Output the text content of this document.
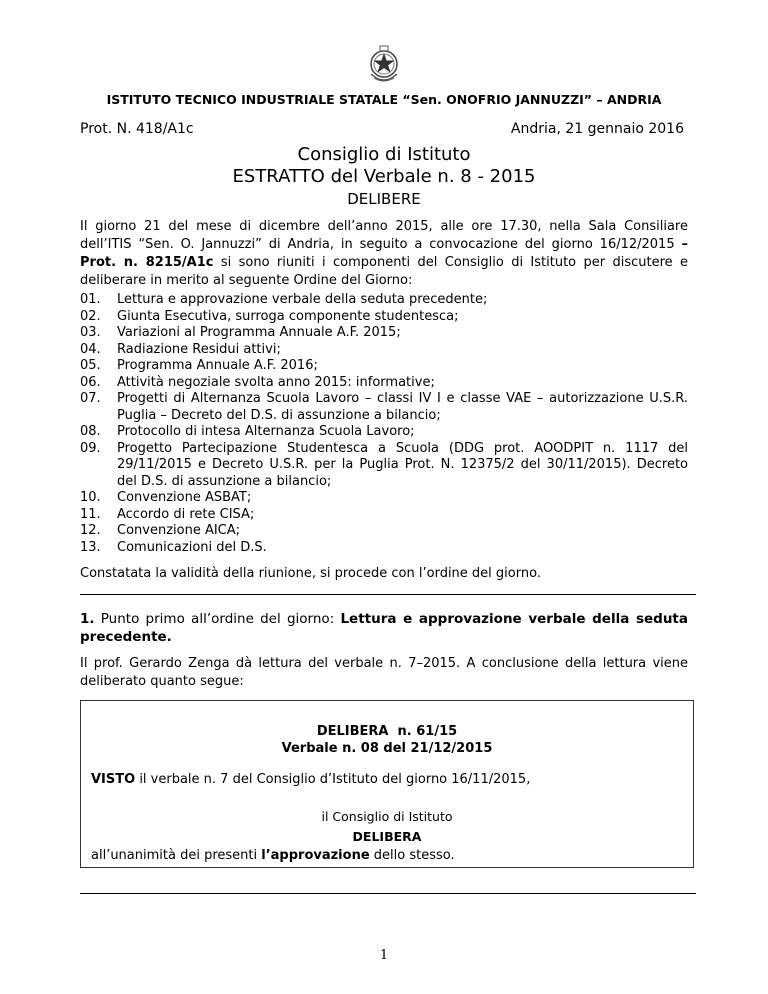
ISTITUTO TECNICO INDUSTRIALE STATALE “Sen. ONOFRIO JANNUZZI” – ANDRIA
Prot. N. 418/A1c	Andria, 21 gennaio 2016
Consiglio di Istituto
ESTRATTO del Verbale n. 8 - 2015
DELIBERE
Il giorno 21 del mese di dicembre dell’anno 2015, alle ore 17.30, nella Sala Consiliare dell’ITIS “Sen. O. Jannuzzi” di Andria, in seguito a convocazione del giorno 16/12/2015 – Prot. n. 8215/A1c si sono riuniti i componenti del Consiglio di Istituto per discutere e deliberare in merito al seguente Ordine del Giorno:
01.	Lettura e approvazione verbale della seduta precedente;
02.	Giunta Esecutiva, surroga componente studentesca;
03.	Variazioni al Programma Annuale A.F. 2015;
04.	Radiazione Residui attivi;
05.	Programma Annuale A.F. 2016;
06.	Attività negoziale svolta anno 2015: informative;
07.	Progetti di Alternanza Scuola Lavoro – classi IV I e classe VAE – autorizzazione U.S.R. Puglia – Decreto del D.S. di assunzione a bilancio;
08.	Protocollo di intesa Alternanza Scuola Lavoro;
09.	Progetto Partecipazione Studentesca a Scuola (DDG prot. AOODPIT n. 1117 del 29/11/2015 e Decreto U.S.R. per la Puglia Prot. N. 12375/2 del 30/11/2015). Decreto del D.S. di assunzione a bilancio;
10.	Convenzione ASBAT;
11.	Accordo di rete CISA;
12.	Convenzione AICA;
13.	Comunicazioni del D.S.
Constatata la validità della riunione, si procede con l’ordine del giorno.
1. Punto primo all’ordine del giorno: Lettura e approvazione verbale della seduta precedente.
Il prof. Gerardo Zenga dà lettura del verbale n. 7–2015. A conclusione della lettura viene deliberato quanto segue:
DELIBERA  n. 61/15
Verbale n. 08 del 21/12/2015
VISTO il verbale n. 7 del Consiglio d’Istituto del giorno 16/11/2015,
il Consiglio di Istituto
DELIBERA
all’unanimità dei presenti l’approvazione dello stesso.
1
